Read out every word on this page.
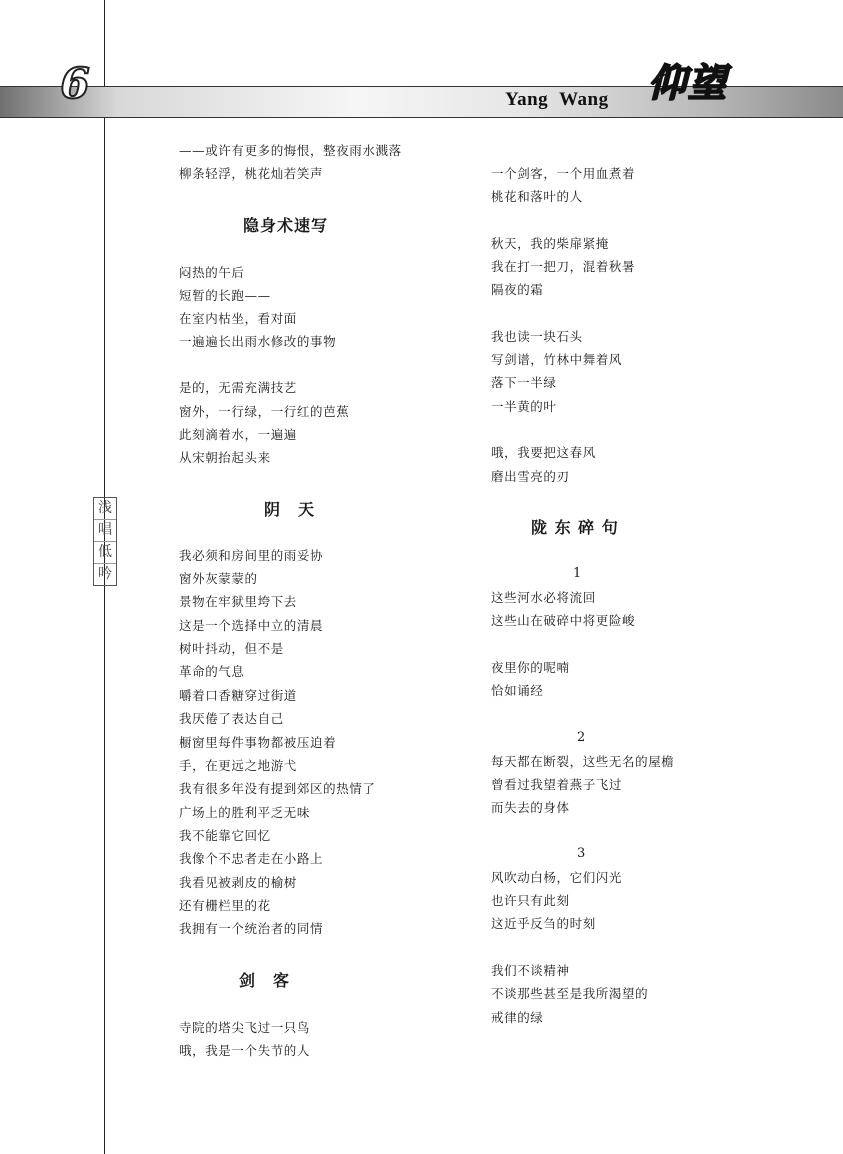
6	Yang Wang 仰望
浅
唱
低
吟
——或许有更多的悔恨，整夜雨水溅落
柳条轻浮，桃花灿若笑声
隐身术速写
闷热的午后
短暂的长跑——
在室内枯坐，看对面
一遍遍长出雨水修改的事物
是的，无需充满技艺
窗外，一行绿，一行红的芭蕉
此刻滴着水，一遍遍
从宋朝抬起头来
阴　天
我必须和房间里的雨妥协
窗外灰蒙蒙的
景物在牢狱里垮下去
这是一个选择中立的清晨
树叶抖动，但不是
革命的气息
嚼着口香糖穿过街道
我厌倦了表达自己
橱窗里每件事物都被压迫着
手，在更远之地游弋
我有很多年没有提到郊区的热情了
广场上的胜利平乏无味
我不能靠它回忆
我像个不忠者走在小路上
我看见被剥皮的榆树
还有栅栏里的花
我拥有一个统治者的同情
剑　客
寺院的塔尖飞过一只鸟
哦，我是一个失节的人
一个剑客，一个用血煮着
桃花和落叶的人
秋天，我的柴扉紧掩
我在打一把刀，混着秋暑
隔夜的霜
我也读一块石头
写剑谱，竹林中舞着风
落下一半绿
一半黄的叶
哦，我要把这春风
磨出雪亮的刃
陇 东 碎 句
1
这些河水必将流回
这些山在破碎中将更险峻
夜里你的呢喃
恰如诵经
2
每天都在断裂，这些无名的屋檐
曾看过我望着燕子飞过
而失去的身体
3
风吹动白杨，它们闪光
也许只有此刻
这近乎反刍的时刻
我们不谈精神
不谈那些甚至是我所渴望的
戒律的绿
